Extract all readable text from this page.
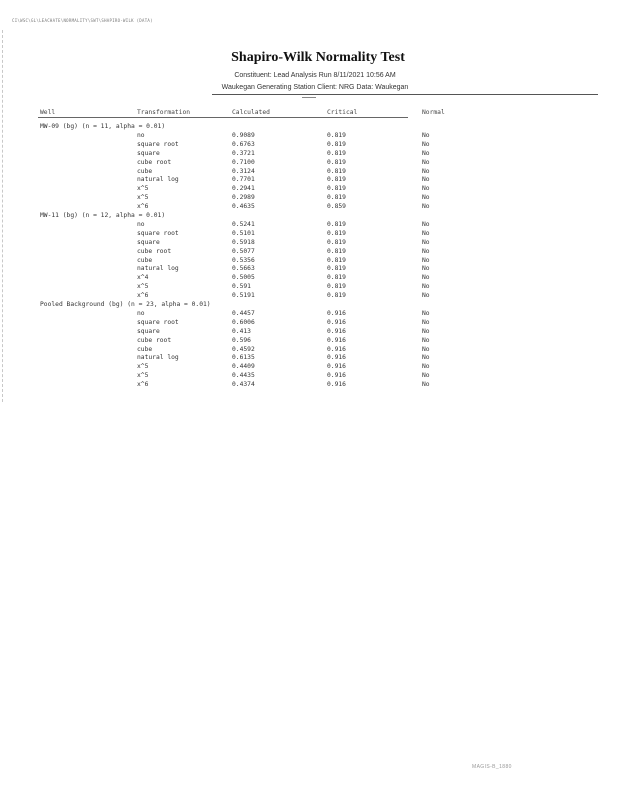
CI\WSC\GL\LEACHATE\NORMALITY\SWT\SHAPIRO-WILK (DATA)
Shapiro-Wilk Normality Test
Constituent: Lead Analysis Run 8/11/2021 10:56 AM
Waukegan Generating Station Client: NRG Data: Waukegan
Well	Transformation	Calculated	Critical	Normal
MW-09 (bg) (n = 11, alpha = 0.01)
no	0.9089	0.819	No
square root	0.6763	0.819	No
square	0.3721	0.819	No
cube root	0.7100	0.819	No
cube	0.3124	0.819	No
natural log	0.7701	0.819	No
x^5	0.2941	0.819	No
x^5	0.2989	0.819	No
x^6	0.4635	0.859	No
MW-11 (bg) (n = 12, alpha = 0.01)
no	0.5241	0.819	No
square root	0.5101	0.819	No
square	0.5918	0.819	No
cube root	0.5077	0.819	No
cube	0.5356	0.819	No
natural log	0.5663	0.819	No
x^4	0.5005	0.819	No
x^5	0.591	0.819	No
x^6	0.5191	0.819	No
Pooled Background (bg) (n = 23, alpha = 0.01)
no	0.4457	0.916	No
square root	0.6006	0.916	No
square	0.413	0.916	No
cube root	0.596	0.916	No
cube	0.4592	0.916	No
natural log	0.6135	0.916	No
x^5	0.4409	0.916	No
x^5	0.4435	0.916	No
x^6	0.4374	0.916	No
MAGIS-B_1880
